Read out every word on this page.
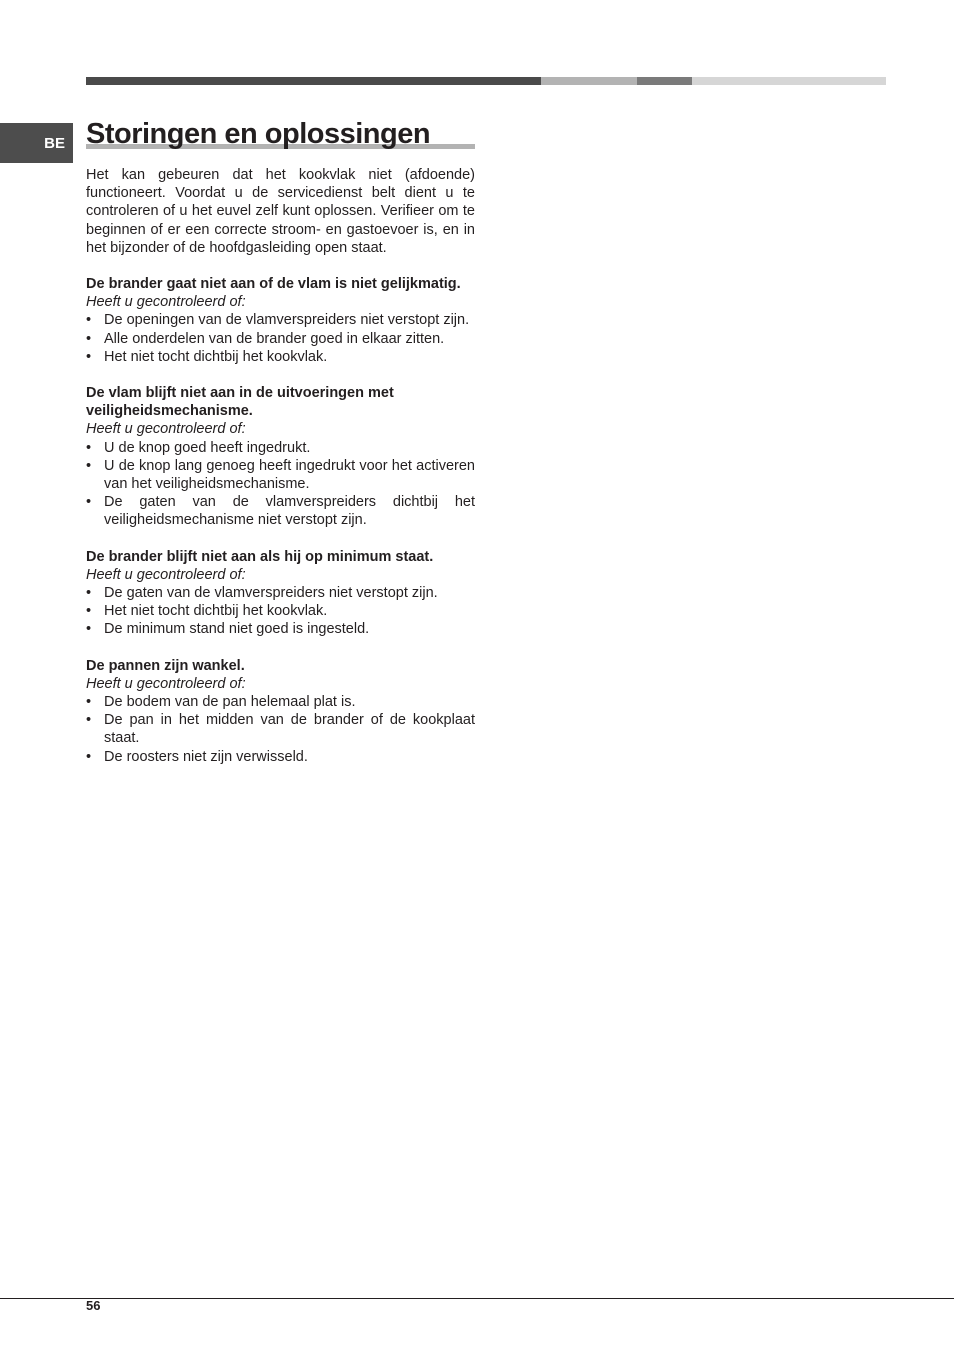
BE Storingen en oplossingen

Het kan gebeuren dat het kookvlak niet (afdoende) functioneert. Voordat u de servicedienst belt dient u te controleren of u het euvel zelf kunt oplossen. Verifieer om te beginnen of er een correcte stroom- en gastoevoer is, en in het bijzonder of de hoofdgasleiding open staat.

De brander gaat niet aan of de vlam is niet gelijkmatig.

Heeft u gecontroleerd of:

• De openingen van de vlamverspreiders niet verstopt zijn.
• Alle onderdelen van de brander goed in elkaar zitten.
• Het niet tocht dichtbij het kookvlak.

De vlam blijft niet aan in de uitvoeringen met veiligheidsmechanisme.

Heeft u gecontroleerd of:

• U de knop goed heeft ingedrukt.
• U de knop lang genoeg heeft ingedrukt voor het activeren van het veiligheidsmechanisme.
• De gaten van de vlamverspreiders dichtbij het veiligheidsmechanisme niet verstopt zijn.

De brander blijft niet aan als hij op minimum staat.

Heeft u gecontroleerd of:

• De gaten van de vlamverspreiders niet verstopt zijn.
• Het niet tocht dichtbij het kookvlak.
• De minimum stand niet goed is ingesteld.

De pannen zijn wankel.

Heeft u gecontroleerd of:

• De bodem van de pan helemaal plat is.
• De pan in het midden van de brander of de kookplaat staat.
• De roosters niet zijn verwisseld.
56
